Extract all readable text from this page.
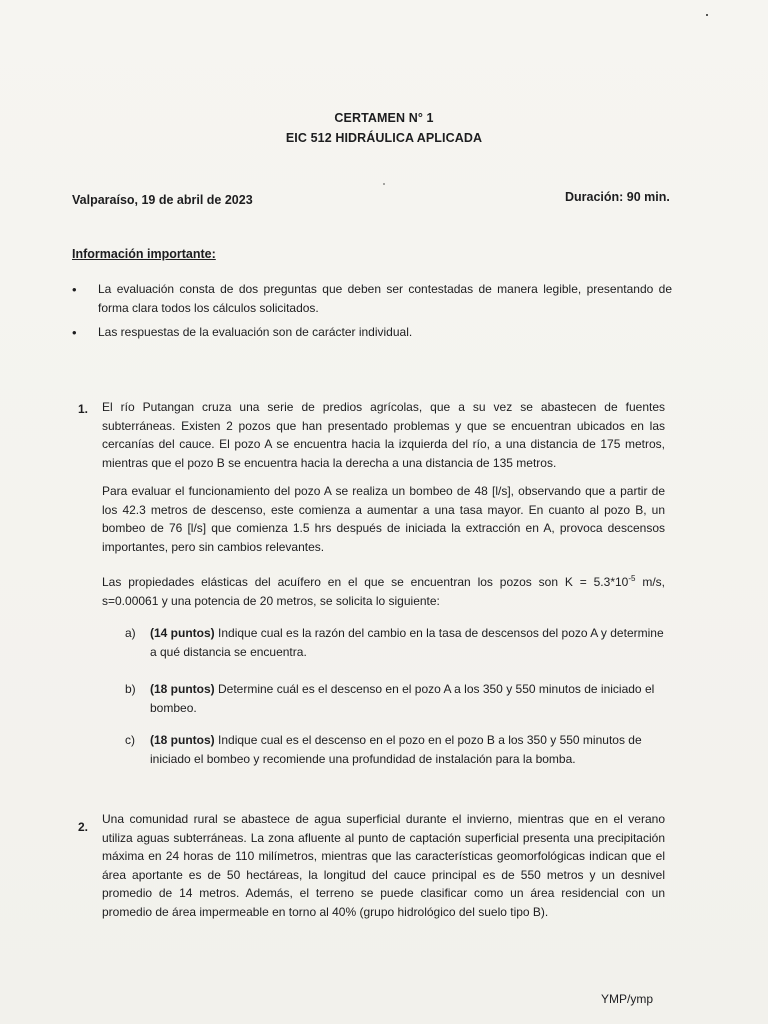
CERTAMEN N° 1
EIC 512 HIDRÁULICA APLICADA
Valparaíso, 19 de abril de 2023	Duración: 90 min.
Información importante:
• La evaluación consta de dos preguntas que deben ser contestadas de manera legible, presentando de forma clara todos los cálculos solicitados.
• Las respuestas de la evaluación son de carácter individual.
1. El río Putangan cruza una serie de predios agrícolas, que a su vez se abastecen de fuentes subterráneas. Existen 2 pozos que han presentado problemas y que se encuentran ubicados en las cercanías del cauce. El pozo A se encuentra hacia la izquierda del río, a una distancia de 175 metros, mientras que el pozo B se encuentra hacia la derecha a una distancia de 135 metros.
Para evaluar el funcionamiento del pozo A se realiza un bombeo de 48 [l/s], observando que a partir de los 42.3 metros de descenso, este comienza a aumentar a una tasa mayor. En cuanto al pozo B, un bombeo de 76 [l/s] que comienza 1.5 hrs después de iniciada la extracción en A, provoca descensos importantes, pero sin cambios relevantes.
Las propiedades elásticas del acuífero en el que se encuentran los pozos son $K = 5.3*10^{-5}$ m/s, s=0.00061 y una potencia de 20 metros, se solicita lo siguiente:
a) (14 puntos) Indique cual es la razón del cambio en la tasa de descensos del pozo A y determine a qué distancia se encuentra.
b) (18 puntos) Determine cuál es el descenso en el pozo A a los 350 y 550 minutos de iniciado el bombeo.
c) (18 puntos) Indique cual es el descenso en el pozo en el pozo B a los 350 y 550 minutos de iniciado el bombeo y recomiende una profundidad de instalación para la bomba.
2.
Una comunidad rural se abastece de agua superficial durante el invierno, mientras que en el verano utiliza aguas subterráneas. La zona afluente al punto de captación superficial presenta una precipitación máxima en 24 horas de 110 milímetros, mientras que las características geomorfológicas indican que el área aportante es de 50 hectáreas, la longitud del cauce principal es de 550 metros y un desnivel promedio de 14 metros. Además, el terreno se puede clasificar como un área residencial con un promedio de área impermeable en torno al 40% (grupo hidrológico del suelo tipo B).
YMP/ymp
